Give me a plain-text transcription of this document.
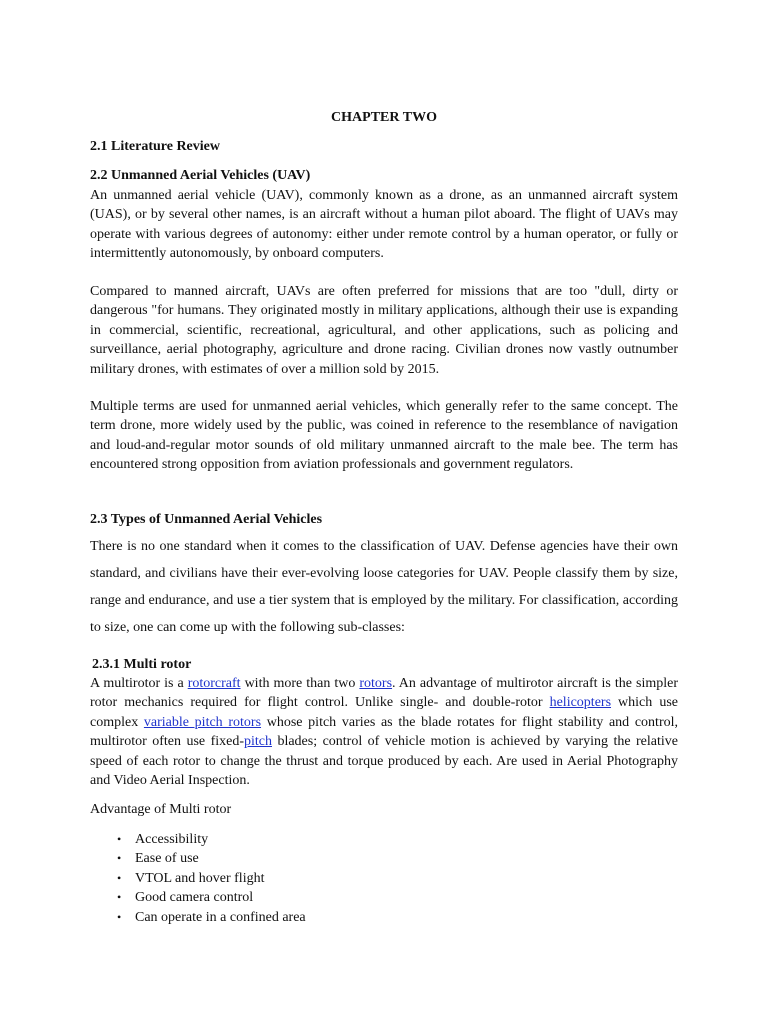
CHAPTER TWO
2.1 Literature Review
2.2 Unmanned Aerial Vehicles (UAV)
An unmanned aerial vehicle (UAV), commonly known as a drone, as an unmanned aircraft system (UAS), or by several other names, is an aircraft without a human pilot aboard. The flight of UAVs may operate with various degrees of autonomy: either under remote control by a human operator, or fully or intermittently autonomously, by onboard computers.
Compared to manned aircraft, UAVs are often preferred for missions that are too "dull, dirty or dangerous "for humans. They originated mostly in military applications, although their use is expanding in commercial, scientific, recreational, agricultural, and other applications, such as policing and surveillance, aerial photography, agriculture and drone racing. Civilian drones now vastly outnumber military drones, with estimates of over a million sold by 2015.
Multiple terms are used for unmanned aerial vehicles, which generally refer to the same concept. The term drone, more widely used by the public, was coined in reference to the resemblance of navigation and loud-and-regular motor sounds of old military unmanned aircraft to the male bee. The term has encountered strong opposition from aviation professionals and government regulators.
2.3 Types of Unmanned Aerial Vehicles
There is no one standard when it comes to the classification of UAV. Defense agencies have their own standard, and civilians have their ever-evolving loose categories for UAV. People classify them by size, range and endurance, and use a tier system that is employed by the military. For classification, according to size, one can come up with the following sub-classes:
2.3.1 Multi rotor
A multirotor is a rotorcraft with more than two rotors. An advantage of multirotor aircraft is the simpler rotor mechanics required for flight control. Unlike single- and double-rotor helicopters which use complex variable pitch rotors whose pitch varies as the blade rotates for flight stability and control, multirotor often use fixed-pitch blades; control of vehicle motion is achieved by varying the relative speed of each rotor to change the thrust and torque produced by each. Are used in Aerial Photography and Video Aerial Inspection.
Advantage of Multi rotor
• Accessibility
• Ease of use
• VTOL and hover flight
• Good camera control
• Can operate in a confined area
